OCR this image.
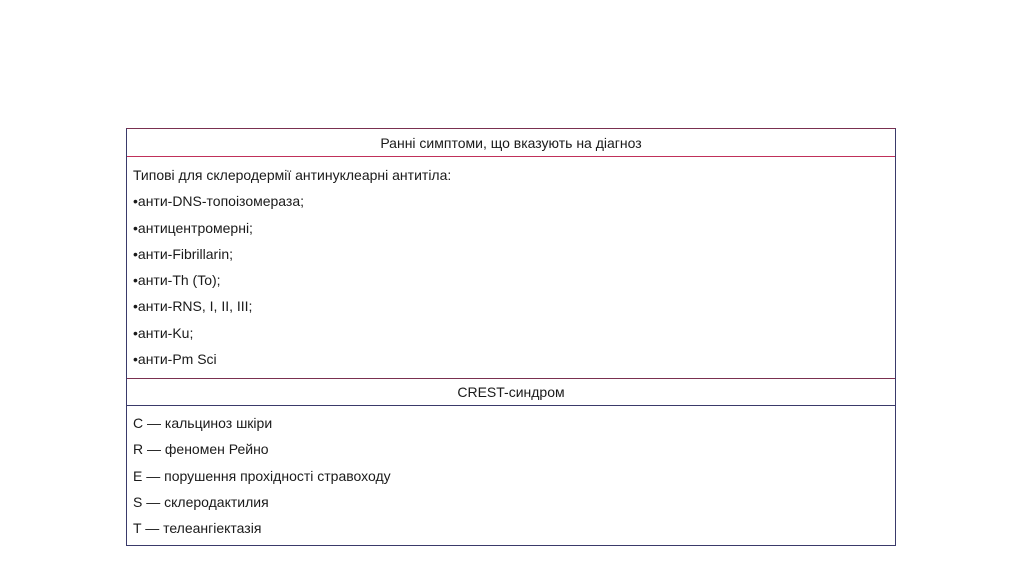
Ранні симптоми, що вказують на діагноз
Типові для склеродермії антинуклеарні антитіла:
•анти-DNS-топоізомераза;
•антицентромерні;
•анти-Fibrillarin;
•анти-Th (To);
•анти-RNS, I, II, III;
•анти-Ku;
•анти-Pm Sci
CREST-синдром
C — кальциноз шкіри
R — феномен Рейно
E — порушення прохідності стравоходу
S — склеродактилия
T — телеангіектазія
